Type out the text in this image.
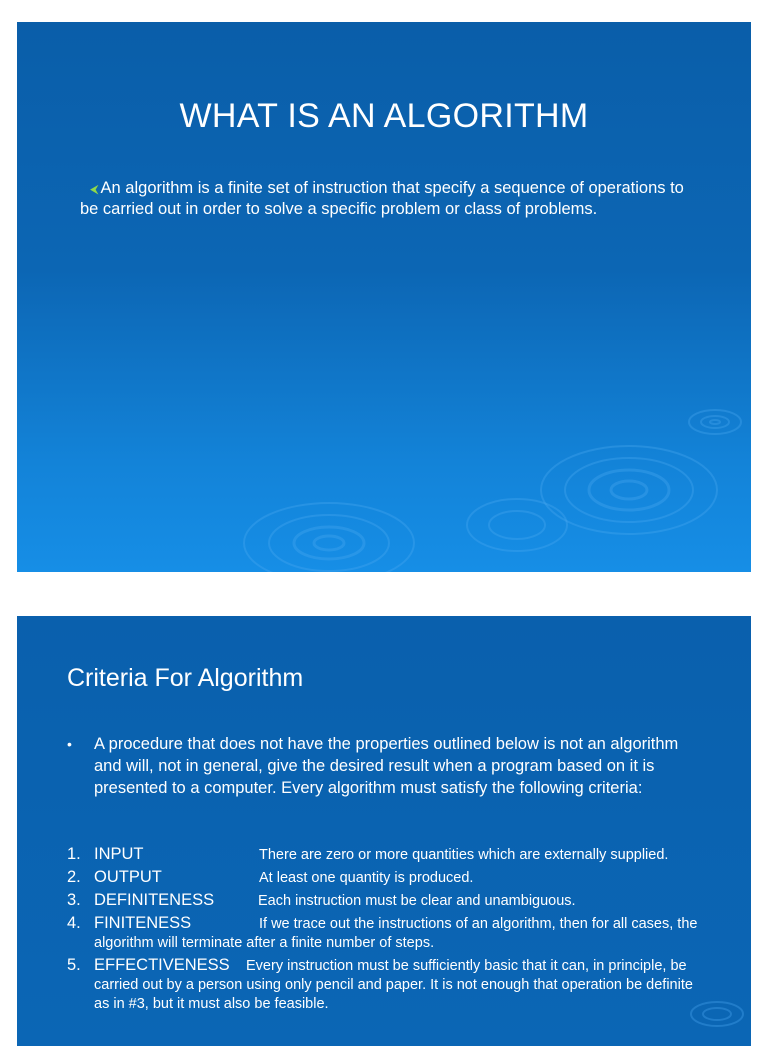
WHAT IS AN ALGORITHM

⮜ An algorithm is a finite set of instruction that specify a sequence of operations to be carried out in order to solve a specific problem or class of problems.

Criteria For Algorithm
•	A procedure that does not have the properties outlined below is not an algorithm and will, not in general, give the desired result when a program based on it is presented to a computer. Every algorithm must satisfy the following criteria:
1. INPUT	There are zero or more quantities which are externally supplied.
2. OUTPUT	At least one quantity is produced.
3. DEFINITENESS	Each instruction must be clear and unambiguous.
4. FINITENESS	If we trace out the instructions of an algorithm, then for all cases, the algorithm will terminate after a finite number of steps.
5. EFFECTIVENESS Every instruction must be sufficiently basic that it can, in principle, be carried out by a person using only pencil and paper. It is not enough that operation be definite as in #3, but it must also be feasible.
